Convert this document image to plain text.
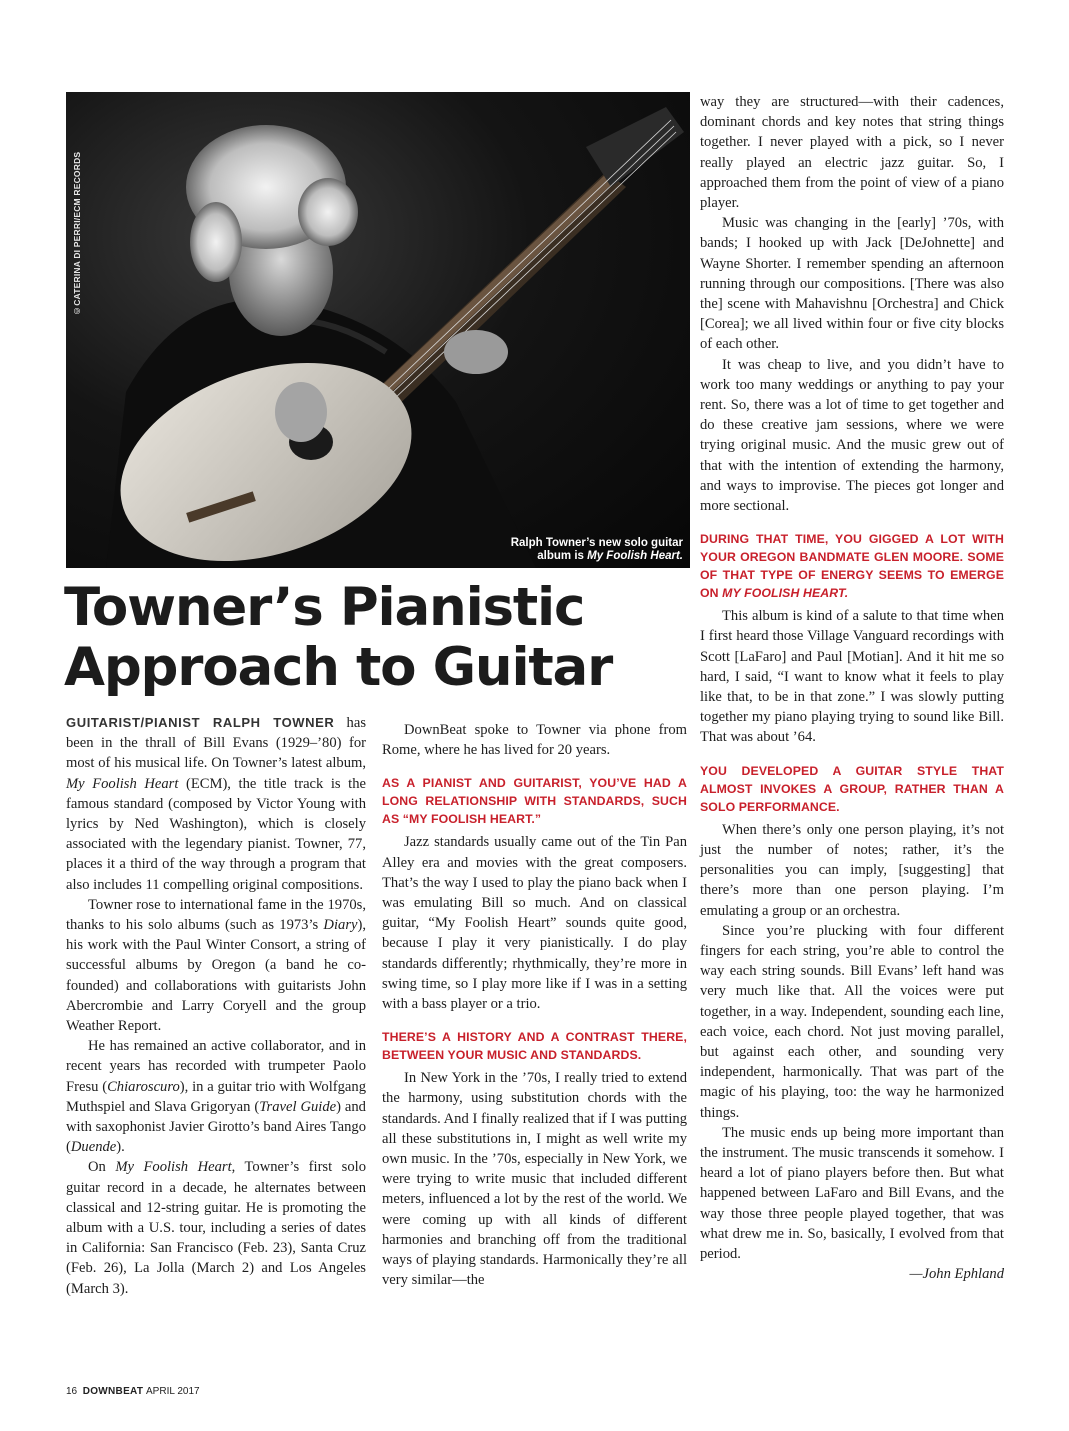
©CATERINA DI PERRI/ECM RECORDS
Ralph Towner’s new solo guitar
album is My Foolish Heart.
Towner’s Pianistic Approach to Guitar

GUITARIST/PIANIST RALPH TOWNER has been in the thrall of Bill Evans (1929–’80) for most of his musical life. On Towner’s latest album, My Foolish Heart (ECM), the title track is the famous standard (composed by Victor Young with lyrics by Ned Washington), which is closely associated with the legendary pianist. Towner, 77, places it a third of the way through a program that also includes 11 compelling original compositions.

Towner rose to international fame in the 1970s, thanks to his solo albums (such as 1973’s Diary), his work with the Paul Winter Consort, a string of successful albums by Oregon (a band he co-founded) and collaborations with guitarists John Abercrombie and Larry Coryell and the group Weather Report.

He has remained an active collaborator, and in recent years has recorded with trumpeter Paolo Fresu (Chiaroscuro), in a guitar trio with Wolfgang Muthspiel and Slava Grigoryan (Travel Guide) and with saxophonist Javier Girotto’s band Aires Tango (Duende).

On My Foolish Heart, Towner’s first solo guitar record in a decade, he alternates between classical and 12-string guitar. He is promoting the album with a U.S. tour, including a series of dates in California: San Francisco (Feb. 23), Santa Cruz (Feb. 26), La Jolla (March 2) and Los Angeles (March 3).

DownBeat spoke to Towner via phone from Rome, where he has lived for 20 years.

AS A PIANIST AND GUITARIST, YOU’VE HAD A LONG RELATIONSHIP WITH STANDARDS, SUCH AS “MY FOOLISH HEART.”

Jazz standards usually came out of the Tin Pan Alley era and movies with the great composers. That’s the way I used to play the piano back when I was emulating Bill so much. And on classical guitar, “My Foolish Heart” sounds quite good, because I play it very pianistically. I do play standards differently; rhythmically, they’re more in swing time, so I play more like if I was in a setting with a bass player or a trio.

THERE’S A HISTORY AND A CONTRAST THERE, BETWEEN YOUR MUSIC AND STANDARDS.

In New York in the ’70s, I really tried to extend the harmony, using substitution chords with the standards. And I finally realized that if I was putting all these substitutions in, I might as well write my own music. In the ’70s, especially in New York, we were trying to write music that included different meters, influenced a lot by the rest of the world. We were coming up with all kinds of different harmonies and branching off from the traditional ways of playing standards. Harmonically they’re all very similar—the

way they are structured—with their cadences, dominant chords and key notes that string things together. I never played with a pick, so I never really played an electric jazz guitar. So, I approached them from the point of view of a piano player.

Music was changing in the [early] ’70s, with bands; I hooked up with Jack [DeJohnette] and Wayne Shorter. I remember spending an afternoon running through our compositions. [There was also the] scene with Mahavishnu [Orchestra] and Chick [Corea]; we all lived within four or five city blocks of each other.

It was cheap to live, and you didn’t have to work too many weddings or anything to pay your rent. So, there was a lot of time to get together and do these creative jam sessions, where we were trying original music. And the music grew out of that with the intention of extending the harmony, and ways to improvise. The pieces got longer and more sectional.

DURING THAT TIME, YOU GIGGED A LOT WITH YOUR OREGON BANDMATE GLEN MOORE. SOME OF THAT TYPE OF ENERGY SEEMS TO EMERGE ON MY FOOLISH HEART.

This album is kind of a salute to that time when I first heard those Village Vanguard recordings with Scott [LaFaro] and Paul [Motian]. And it hit me so hard, I said, “I want to know what it feels to play like that, to be in that zone.” I was slowly putting together my piano playing trying to sound like Bill. That was about ’64.

YOU DEVELOPED A GUITAR STYLE THAT ALMOST INVOKES A GROUP, RATHER THAN A SOLO PERFORMANCE.

When there’s only one person playing, it’s not just the number of notes; rather, it’s the personalities you can imply, [suggesting] that there’s more than one person playing. I’m emulating a group or an orchestra.

Since you’re plucking with four different fingers for each string, you’re able to control the way each string sounds. Bill Evans’ left hand was very much like that. All the voices were put together, in a way. Independent, sounding each line, each voice, each chord. Not just moving parallel, but against each other, and sounding very independent, harmonically. That was part of the magic of his playing, too: the way he harmonized things.

The music ends up being more important than the instrument. The music transcends it somehow. I heard a lot of piano players before then. But what happened between LaFaro and Bill Evans, and the way those three people played together, that was what drew me in. So, basically, I evolved from that period.

—John Ephland

16 DOWNBEAT APRIL 2017
